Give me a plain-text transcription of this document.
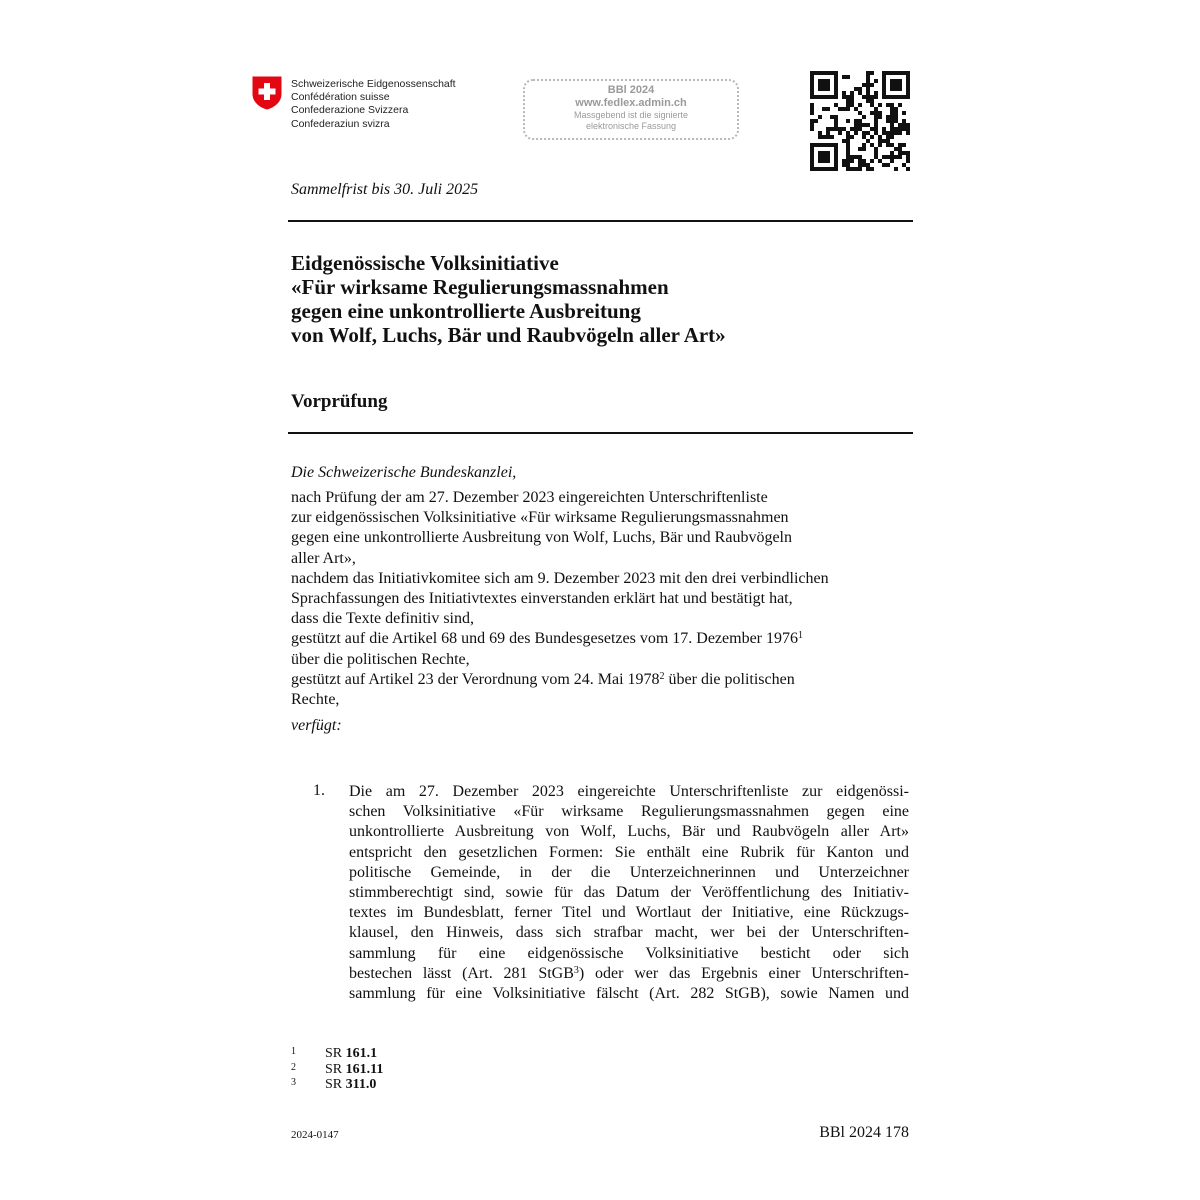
Schweizerische Eidgenossenschaft
Confédération suisse
Confederazione Svizzera
Confederaziun svizra
BBl 2024
www.fedlex.admin.ch
Massgebend ist die signierte
elektronische Fassung
Sammelfrist bis 30. Juli 2025
Eidgenössische Volksinitiative
«Für wirksame Regulierungsmassnahmen
gegen eine unkontrollierte Ausbreitung
von Wolf, Luchs, Bär und Raubvögeln aller Art»
Vorprüfung
Die Schweizerische Bundeskanzlei,
nach Prüfung der am 27. Dezember 2023 eingereichten Unterschriftenliste
zur eidgenössischen Volksinitiative «Für wirksame Regulierungsmassnahmen
gegen eine unkontrollierte Ausbreitung von Wolf, Luchs, Bär und Raubvögeln
aller Art»,
nachdem das Initiativkomitee sich am 9. Dezember 2023 mit den drei verbindlichen
Sprachfassungen des Initiativtextes einverstanden erklärt hat und bestätigt hat,
dass die Texte definitiv sind,
gestützt auf die Artikel 68 und 69 des Bundesgesetzes vom 17. Dezember 1976$^1$
über die politischen Rechte,
gestützt auf Artikel 23 der Verordnung vom 24. Mai 1978$^2$ über die politischen
Rechte,
verfügt:
1. Die am 27. Dezember 2023 eingereichte Unterschriftenliste zur eidgenössi-
schen Volksinitiative «Für wirksame Regulierungsmassnahmen gegen eine
unkontrollierte Ausbreitung von Wolf, Luchs, Bär und Raubvögeln aller Art»
entspricht den gesetzlichen Formen: Sie enthält eine Rubrik für Kanton und
politische Gemeinde, in der die Unterzeichnerinnen und Unterzeichner
stimmberechtigt sind, sowie für das Datum der Veröffentlichung des Initiativ-
textes im Bundesblatt, ferner Titel und Wortlaut der Initiative, eine Rückzugs-
klausel, den Hinweis, dass sich strafbar macht, wer bei der Unterschriften-
sammlung für eine eidgenössische Volksinitiative besticht oder sich
bestechen lässt (Art. 281 StGB$^3$) oder wer das Ergebnis einer Unterschriften-
sammlung für eine Volksinitiative fälscht (Art. 282 StGB), sowie Namen und
1	SR 161.1
2	SR 161.11
3	SR 311.0
2024-0147	BBl 2024 178
